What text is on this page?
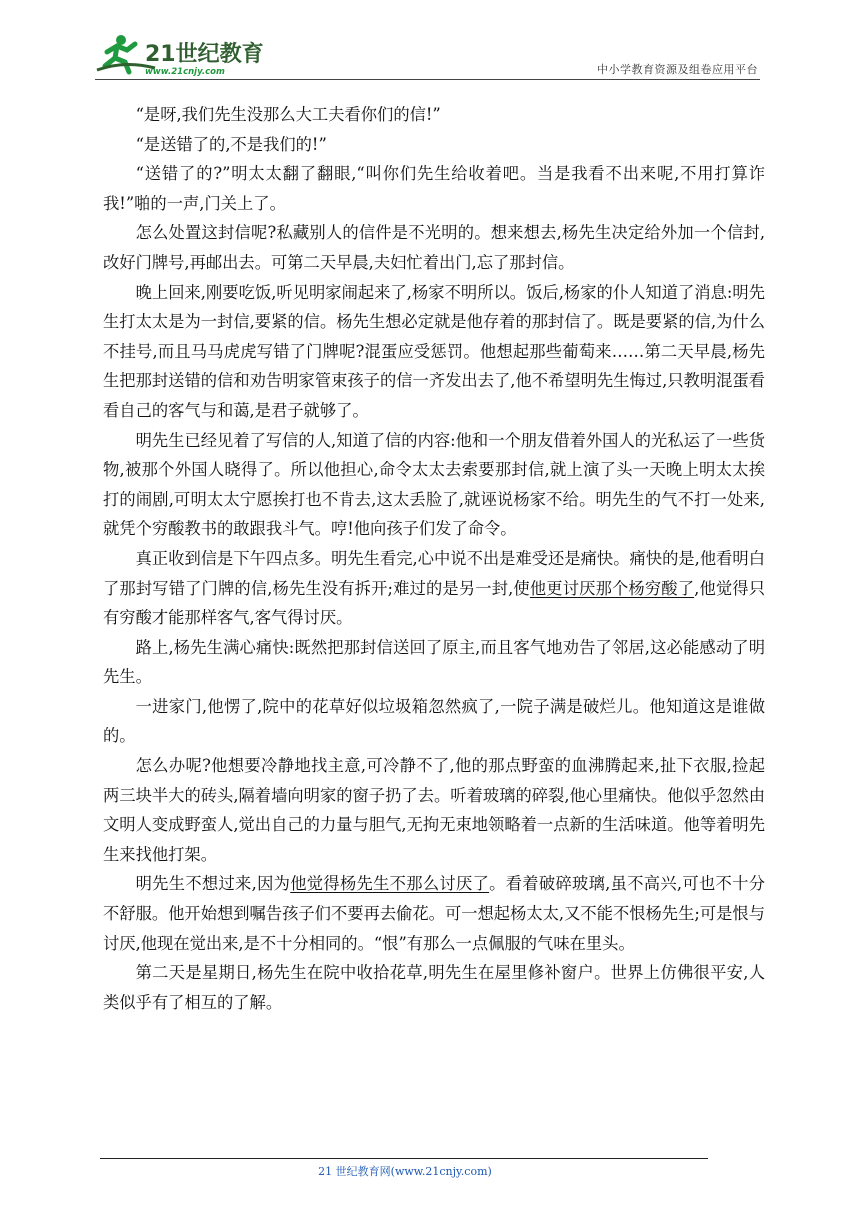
21世纪教育
www.21cnjy.com	中小学教育资源及组卷应用平台

“是呀,我们先生没那么大工夫看你们的信!”

“是送错了的,不是我们的!”

“送错了的?”明太太翻了翻眼,“叫你们先生给收着吧。当是我看不出来呢,不用打算诈我!”啪的一声,门关上了。

怎么处置这封信呢?私藏别人的信件是不光明的。想来想去,杨先生决定给外加一个信封,改好门牌号,再邮出去。可第二天早晨,夫妇忙着出门,忘了那封信。

晚上回来,刚要吃饭,听见明家闹起来了,杨家不明所以。饭后,杨家的仆人知道了消息:明先生打太太是为一封信,要紧的信。杨先生想必定就是他存着的那封信了。既是要紧的信,为什么不挂号,而且马马虎虎写错了门牌呢?混蛋应受惩罚。他想起那些葡萄来……第二天早晨,杨先生把那封送错的信和劝告明家管束孩子的信一齐发出去了,他不希望明先生悔过,只教明混蛋看看自己的客气与和蔼,是君子就够了。

明先生已经见着了写信的人,知道了信的内容:他和一个朋友借着外国人的光私运了一些货物,被那个外国人晓得了。所以他担心,命令太太去索要那封信,就上演了头一天晚上明太太挨打的闹剧,可明太太宁愿挨打也不肯去,这太丢脸了,就诬说杨家不给。明先生的气不打一处来,就凭个穷酸教书的敢跟我斗气。哼!他向孩子们发了命令。

真正收到信是下午四点多。明先生看完,心中说不出是难受还是痛快。痛快的是,他看明白了那封写错了门牌的信,杨先生没有拆开;难过的是另一封,使他更讨厌那个杨穷酸了,他觉得只有穷酸才能那样客气,客气得讨厌。

路上,杨先生满心痛快:既然把那封信送回了原主,而且客气地劝告了邻居,这必能感动了明先生。

一进家门,他愣了,院中的花草好似垃圾箱忽然疯了,一院子满是破烂儿。他知道这是谁做的。

怎么办呢?他想要冷静地找主意,可冷静不了,他的那点野蛮的血沸腾起来,扯下衣服,捡起两三块半大的砖头,隔着墙向明家的窗子扔了去。听着玻璃的碎裂,他心里痛快。他似乎忽然由文明人变成野蛮人,觉出自己的力量与胆气,无拘无束地领略着一点新的生活味道。他等着明先生来找他打架。

明先生不想过来,因为他觉得杨先生不那么讨厌了。看着破碎玻璃,虽不高兴,可也不十分不舒服。他开始想到嘱告孩子们不要再去偷花。可一想起杨太太,又不能不恨杨先生;可是恨与讨厌,他现在觉出来,是不十分相同的。“恨”有那么一点佩服的气味在里头。

第二天是星期日,杨先生在院中收拾花草,明先生在屋里修补窗户。世界上仿佛很平安,人类似乎有了相互的了解。

21 世纪教育网(www.21cnjy.com)
